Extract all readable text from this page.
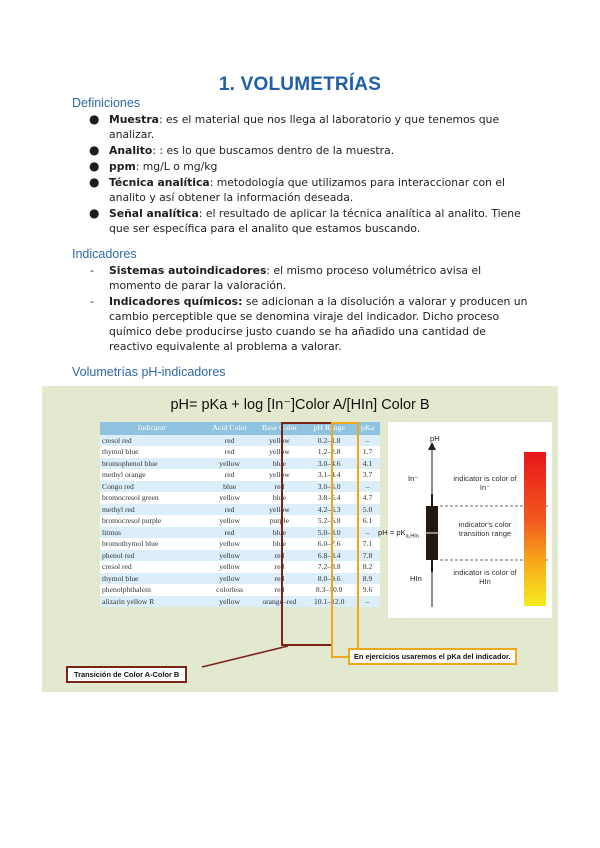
1. VOLUMETRÍAS
Definiciones
● Muestra: es el material que nos llega al laboratorio y que tenemos que analizar.
● Analito: : es lo que buscamos dentro de la muestra.
● ppm: mg/L o mg/kg
● Técnica analítica: metodología que utilizamos para interaccionar con el analito y así obtener la información deseada.
● Señal analítica: el resultado de aplicar la técnica analítica al analito. Tiene que ser específica para el analito que estamos buscando.
Indicadores
- Sistemas autoindicadores: el mismo proceso volumétrico avisa el momento de parar la valoración.
- Indicadores químicos: se adicionan a la disolución a valorar y producen un cambio perceptible que se denomina viraje del indicador. Dicho proceso químico debe producirse justo cuando se ha añadido una cantidad de reactivo equivalente al problema a valorar.
Volumetrías pH-indicadores
pH= pKa + log [In⁻]Color A/[HIn] Color B
Indicator	Acid Color	Base Color	pH Range	pKa
cresol red	red	yellow	0.2–1.8	–
thymol blue	red	yellow	1.2–2.8	1.7
bromophenol blue	yellow	blue	3.0–4.6	4.1
methyl orange	red	yellow	3.1–4.4	3.7
Congo red	blue	red	3.0–5.0	–
bromocresol green	yellow	blue	3.8–5.4	4.7
methyl red	red	yellow	4.2–6.3	5.0
bromocresol purple	yellow	purple	5.2–6.8	6.1
litmus	red	blue	5.0–8.0	–
bromothymol blue	yellow	blue	6.0–7.6	7.1
phenol red	yellow	red	6.8–8.4	7.8
cresol red	yellow	red	7.2–8.8	8.2
thymol blue	yellow	red	8.0–9.6	8.9
phenolphthalein	colorless	red	8.3–10.0	9.6
alizarin yellow R	yellow	orange–red	10.1–12.0	–
pH
In⁻
HIn
pH = $pK_{a,HIn}$
indicator is color of In⁻
indicator's color transition range
indicator is color of HIn
En ejercicios usaremos el pKa del indicador.
Transición de Color A-Color B
